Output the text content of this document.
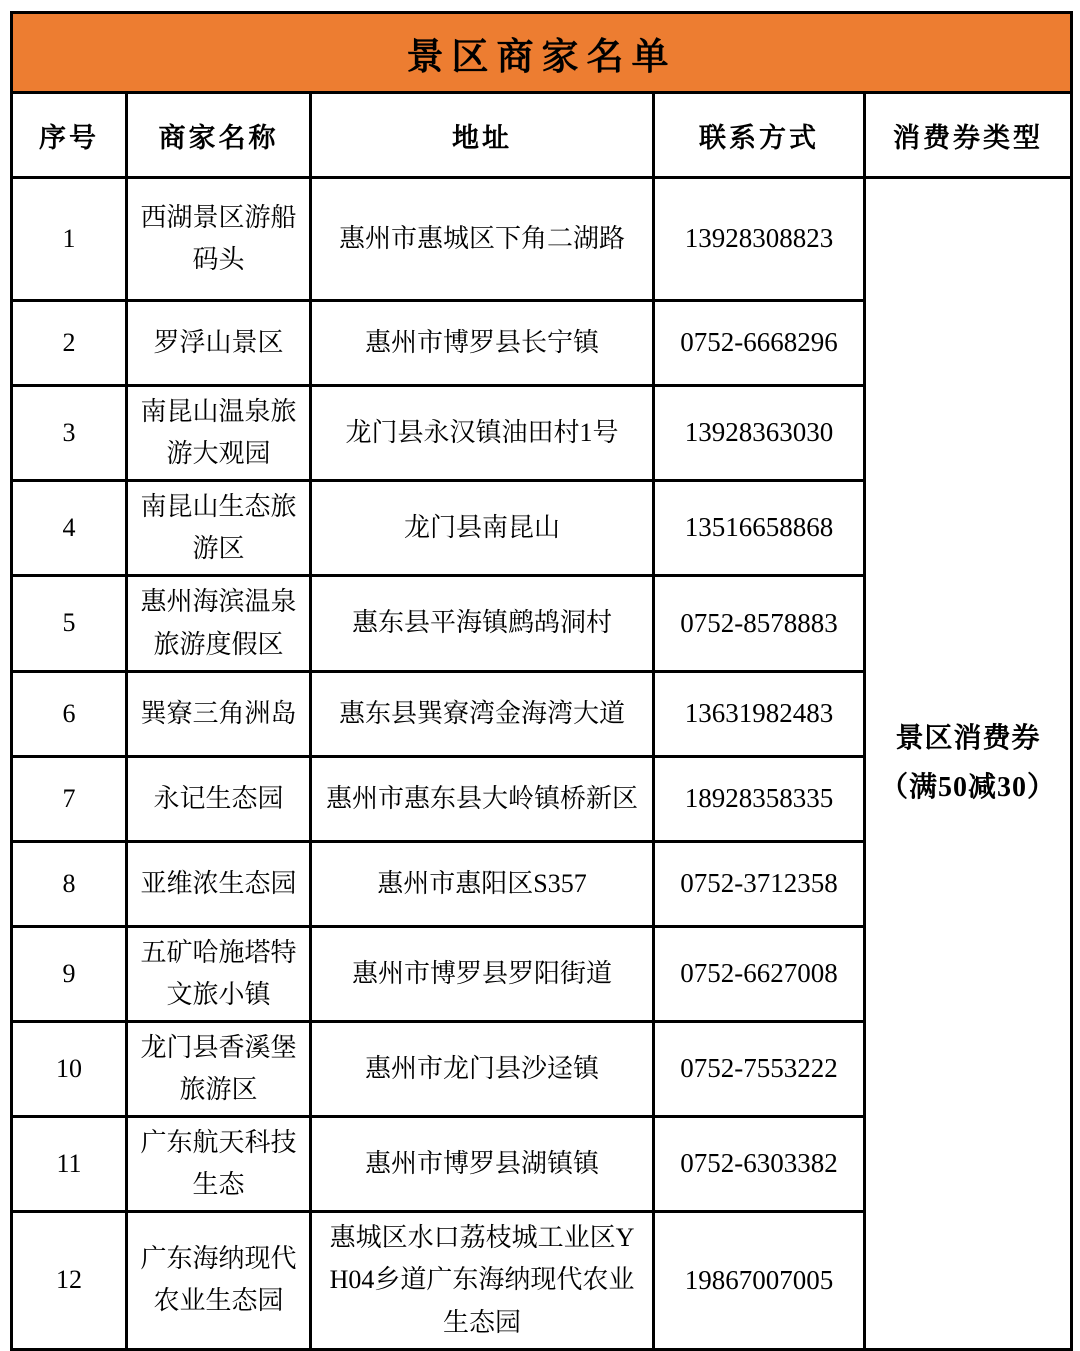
景区商家名单				
序号	商家名称	地址	联系方式	消费券类型
1	西湖景区游船码头	惠州市惠城区下角二湖路	13928308823	景区消费券
（满50减30）

2	罗浮山景区	惠州市博罗县长宁镇	0752-6668296	
3	南昆山温泉旅游大观园	龙门县永汉镇油田村1号	13928363030	
4	南昆山生态旅游区	龙门县南昆山	13516658868	
5	惠州海滨温泉旅游度假区	惠东县平海镇鹧鸪洞村	0752-8578883	
6	巽寮三角洲岛	惠东县巽寮湾金海湾大道	13631982483	
7	永记生态园	惠州市惠东县大岭镇桥新区	18928358335	
8	亚维浓生态园	惠州市惠阳区S357	0752-3712358	
9	五矿哈施塔特文旅小镇	惠州市博罗县罗阳街道	0752-6627008	
10	龙门县香溪堡旅游区	惠州市龙门县沙迳镇	0752-7553222	
11	广东航天科技生态	惠州市博罗县湖镇镇	0752-6303382	
12	广东海纳现代农业生态园	惠城区水口荔枝城工业区YH04乡道广东海纳现代农业生态园	19867007005	
